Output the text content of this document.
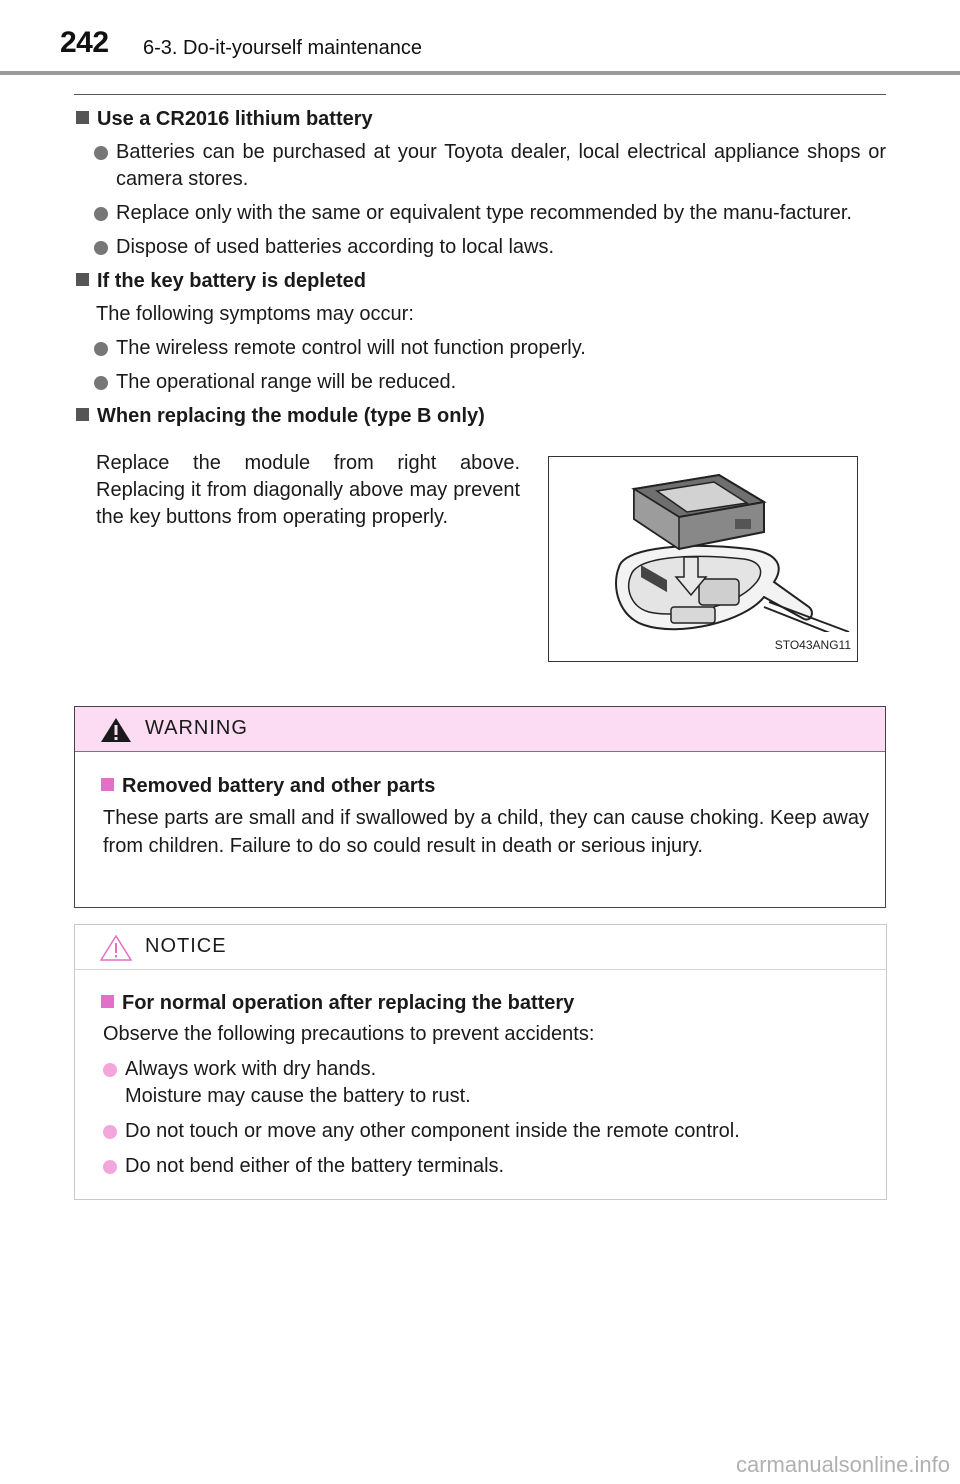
242 6-3. Do-it-yourself maintenance
Use a CR2016 lithium battery
Batteries can be purchased at your Toyota dealer, local electrical appliance shops or camera stores.
Replace only with the same or equivalent type recommended by the manu-facturer.
Dispose of used batteries according to local laws.
If the key battery is depleted
The following symptoms may occur:
The wireless remote control will not function properly.
The operational range will be reduced.
When replacing the module (type B only)
Replace the module from right above. Replacing it from diagonally above may prevent the key buttons from operating properly.
STO43ANG11
WARNING
Removed battery and other parts
These parts are small and if swallowed by a child, they can cause choking. Keep away from children. Failure to do so could result in death or serious injury.
NOTICE
For normal operation after replacing the battery
Observe the following precautions to prevent accidents:
Always work with dry hands.
Moisture may cause the battery to rust.
Do not touch or move any other component inside the remote control.
Do not bend either of the battery terminals.
carmanualsonline.info
